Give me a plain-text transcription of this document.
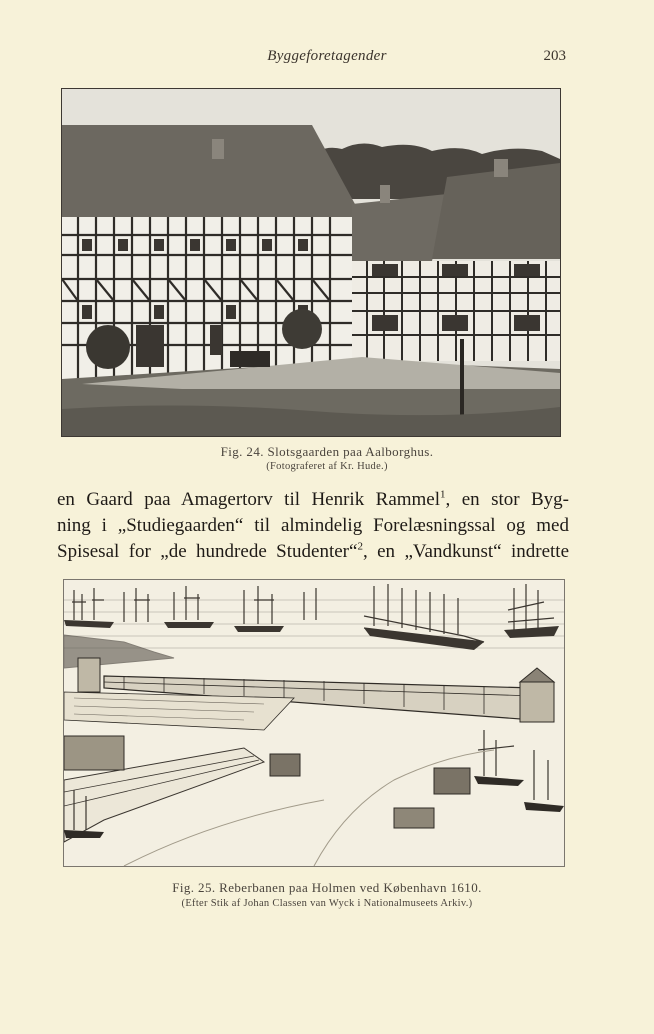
Byggeforetagender	203
Fig. 24. Slotsgaarden paa Aalborghus.
(Fotograferet af Kr. Hude.)
en Gaard paa Amagertorv til Henrik Rammel$^1$, en stor Byg-
ning i „Studiegaarden“ til almindelig Forelæsningssal og med
Spisesal for „de hundrede Studenter“$^2$, en „Vandkunst“ indrette
Fig. 25. Reberbanen paa Holmen ved København 1610.
(Efter Stik af Johan Classen van Wyck i Nationalmuseets Arkiv.)
